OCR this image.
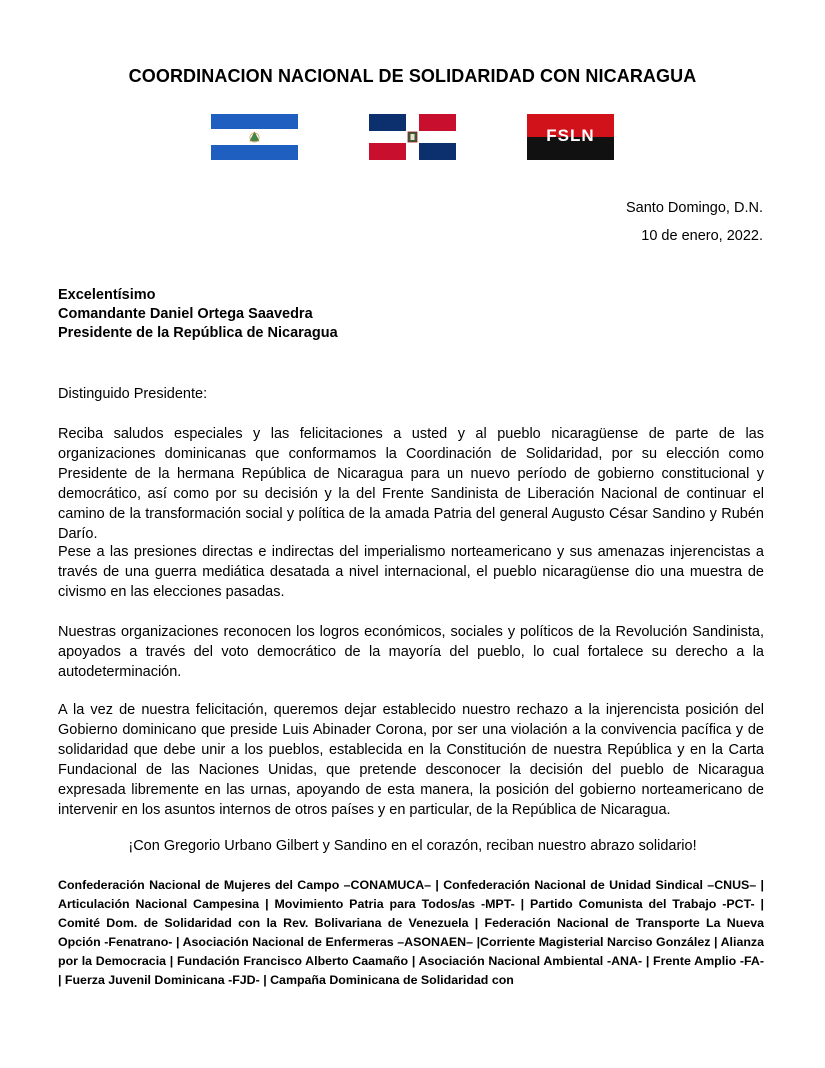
COORDINACION NACIONAL DE SOLIDARIDAD CON NICARAGUA
FSLN
Santo Domingo, D.N.
10 de enero, 2022.
Excelentísimo
Comandante Daniel Ortega Saavedra
Presidente de la República de Nicaragua
Distinguido Presidente:

Reciba saludos especiales y las felicitaciones a usted y al pueblo nicaragüense de parte de las organizaciones dominicanas que conformamos la Coordinación de Solidaridad, por su elección como Presidente de la hermana República de Nicaragua para un nuevo período de gobierno constitucional y democrático, así como por su decisión y la del Frente Sandinista de Liberación Nacional de continuar el camino de la transformación social y política de la amada Patria del general Augusto César Sandino y Rubén Darío.

Pese a las presiones directas e indirectas del imperialismo norteamericano y sus amenazas injerencistas a través de una guerra mediática desatada a nivel internacional, el pueblo nicaragüense dio una muestra de civismo en las elecciones pasadas.

Nuestras organizaciones reconocen los logros económicos, sociales y políticos de la Revolución Sandinista, apoyados a través del voto democrático de la mayoría del pueblo, lo cual fortalece su derecho a la autodeterminación.

A la vez de nuestra felicitación, queremos dejar establecido nuestro rechazo a la injerencista posición del Gobierno dominicano que preside Luis Abinader Corona, por ser una violación a la convivencia pacífica y de solidaridad que debe unir a los pueblos, establecida en la Constitución de nuestra República y en la Carta Fundacional de las Naciones Unidas, que pretende desconocer la decisión del pueblo de Nicaragua expresada libremente en las urnas, apoyando de esta manera, la posición del gobierno norteamericano de intervenir en los asuntos internos de otros países y en particular, de la República de Nicaragua.

¡Con Gregorio Urbano Gilbert y Sandino en el corazón, reciban nuestro abrazo solidario!

Confederación Nacional de Mujeres del Campo –CONAMUCA– | Confederación Nacional de Unidad Sindical –CNUS– | Articulación Nacional Campesina | Movimiento Patria para Todos/as -MPT- | Partido Comunista del Trabajo -PCT- | Comité Dom. de Solidaridad con la Rev. Bolivariana de Venezuela | Federación Nacional de Transporte La Nueva Opción -Fenatrano- | Asociación Nacional de Enfermeras –ASONAEN– |Corriente Magisterial Narciso González | Alianza por la Democracia | Fundación Francisco Alberto Caamaño | Asociación Nacional Ambiental -ANA- | Frente Amplio -FA- | Fuerza Juvenil Dominicana -FJD- | Campaña Dominicana de Solidaridad con
